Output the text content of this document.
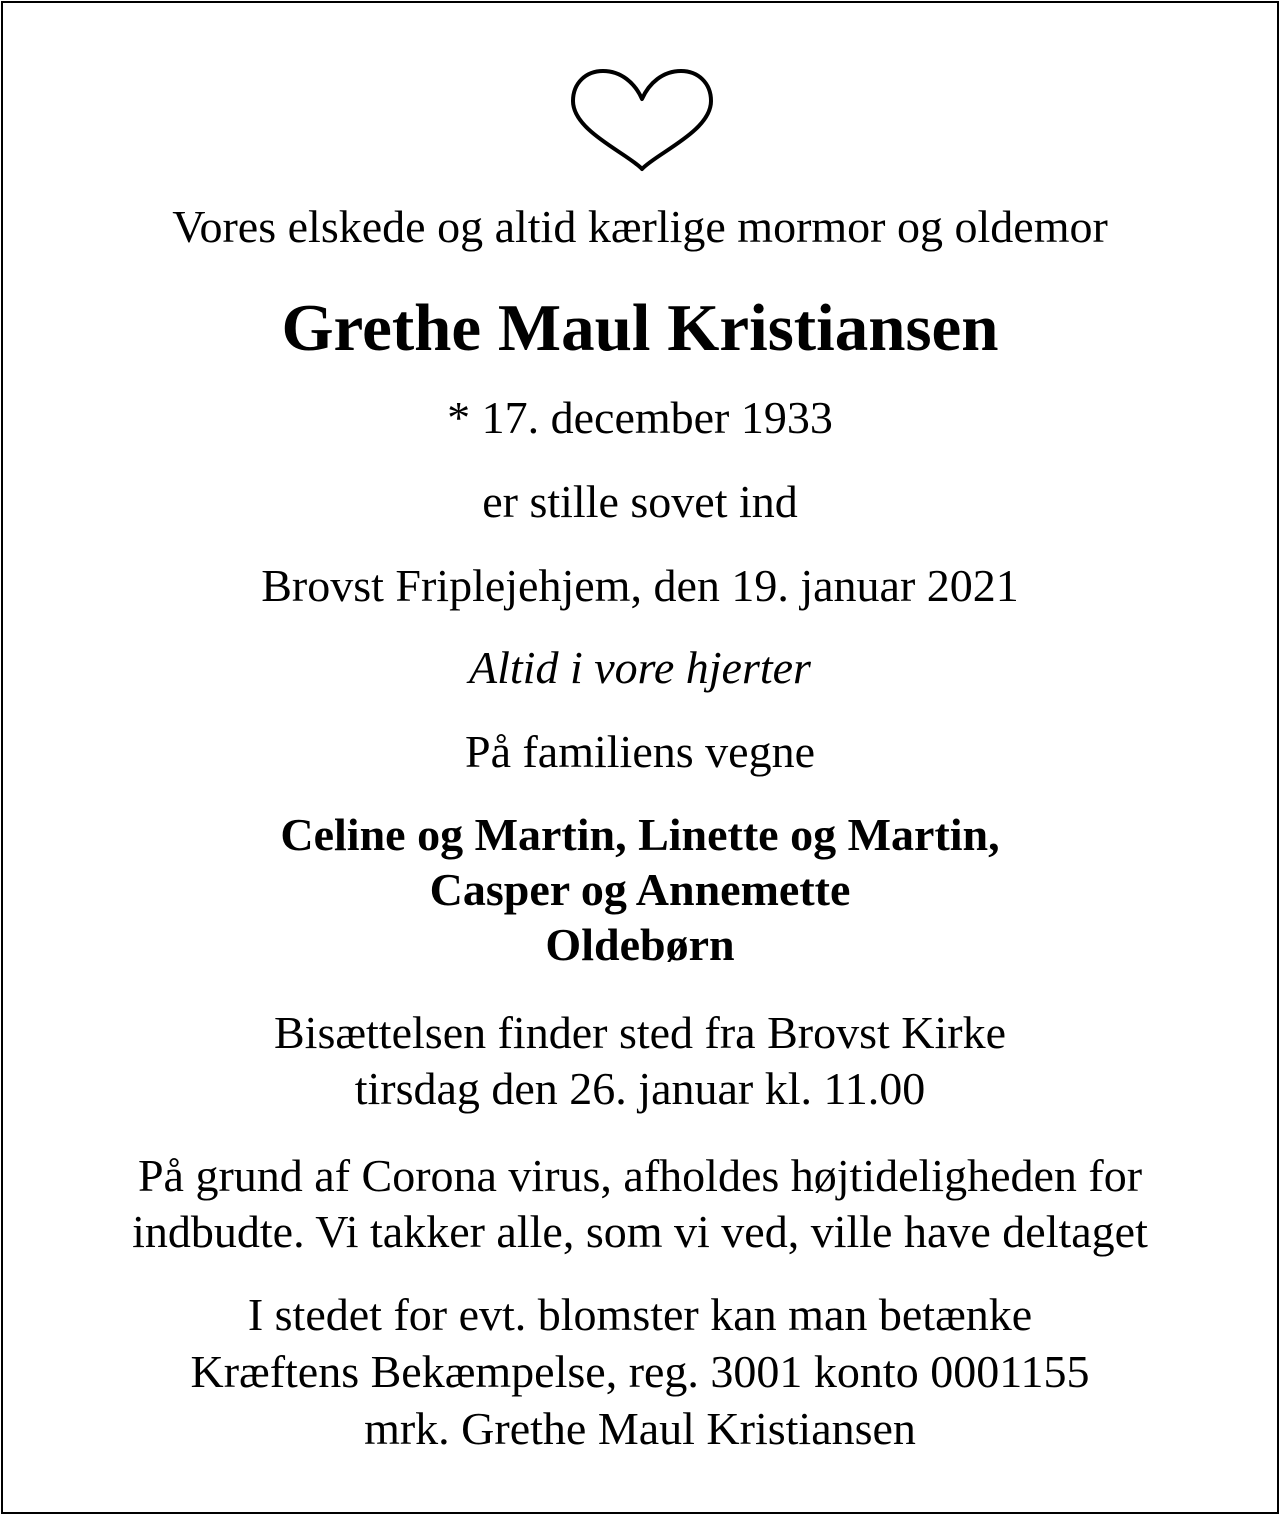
Vores elskede og altid kærlige mormor og oldemor
Grethe Maul Kristiansen
* 17. december 1933
er stille sovet ind
Brovst Friplejehjem, den 19. januar 2021
Altid i vore hjerter
På familiens vegne
Celine og Martin, Linette og Martin,
Casper og Annemette
Oldebørn
Bisættelsen finder sted fra Brovst Kirke
tirsdag den 26. januar kl. 11.00
På grund af Corona virus, afholdes højtideligheden for
indbudte. Vi takker alle, som vi ved, ville have deltaget
I stedet for evt. blomster kan man betænke
Kræftens Bekæmpelse, reg. 3001 konto 0001155
mrk. Grethe Maul Kristiansen
